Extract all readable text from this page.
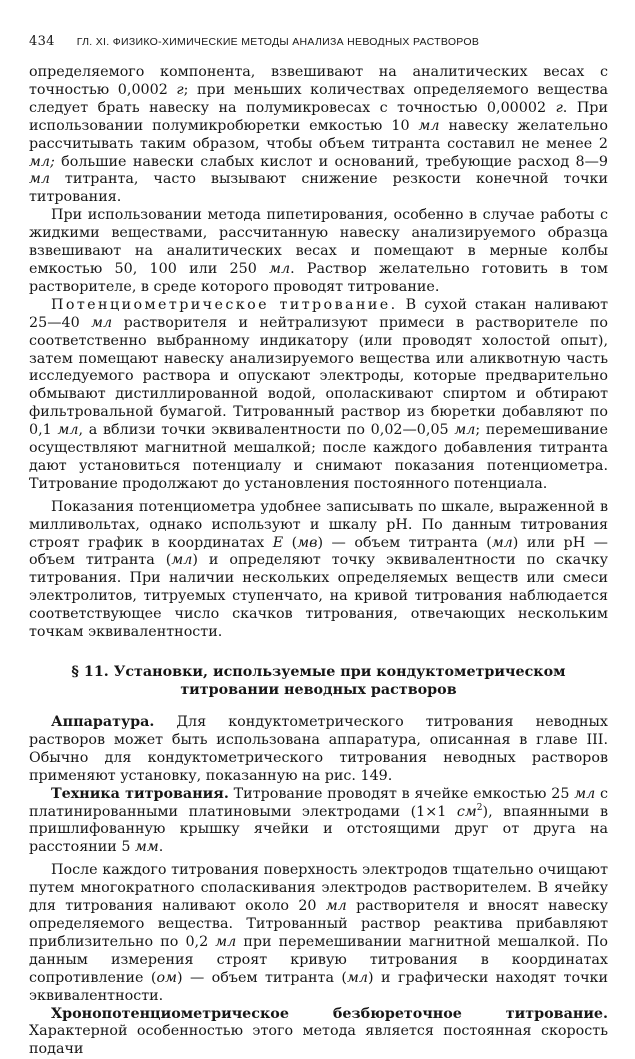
434 ГЛ. XI. ФИЗИКО-ХИМИЧЕСКИЕ МЕТОДЫ АНАЛИЗА НЕВОДНЫХ РАСТВОРОВ

определяемого компонента, взвешивают на аналитических весах с точностью 0,0002 г; при меньших количествах определяемого вещества следует брать навеску на полумикровесах с точностью 0,00002 г. При использовании полумикробюретки емкостью 10 мл навеску желательно рассчитывать таким образом, чтобы объем титранта составил не менее 2 мл; большие навески слабых кислот и оснований, требующие расход 8—9 мл титранта, часто вызывают снижение резкости конечной точки титрования.

При использовании метода пипетирования, особенно в случае работы с жидкими веществами, рассчитанную навеску анализируемого образца взвешивают на аналитических весах и помещают в мерные колбы емкостью 50, 100 или 250 мл. Раствор желательно готовить в том растворителе, в среде которого проводят титрование.

Потенциометрическое титрование. В сухой стакан наливают 25—40 мл растворителя и нейтрализуют примеси в растворителе по соответственно выбранному индикатору (или проводят холостой опыт), затем помещают навеску анализируемого вещества или аликвотную часть исследуемого раствора и опускают электроды, которые предварительно обмывают дистиллированной водой, ополаскивают спиртом и обтирают фильтровальной бумагой. Титрованный раствор из бюретки добавляют по 0,1 мл, а вблизи точки эквивалентности по 0,02—0,05 мл; перемешивание осуществляют магнитной мешалкой; после каждого добавления титранта дают установиться потенциалу и снимают показания потенциометра. Титрование продолжают до установления постоянного потенциала.

Показания потенциометра удобнее записывать по шкале, выраженной в милливольтах, однако используют и шкалу pH. По данным титрования строят график в координатах E (мв) — объем титранта (мл) или pH — объем титранта (мл) и определяют точку эквивалентности по скачку титрования. При наличии нескольких определяемых веществ или смеси электролитов, титруемых ступенчато, на кривой титрования наблюдается соответствующее число скачков титрования, отвечающих нескольким точкам эквивалентности.

§ 11. Установки, используемые при кондуктометрическом
титровании неводных растворов

Аппаратура. Для кондуктометрического титрования неводных растворов может быть использована аппаратура, описанная в главе III. Обычно для кондуктометрического титрования неводных растворов применяют установку, показанную на рис. 149.

Техника титрования. Титрование проводят в ячейке емкостью 25 мл с платинированными платиновыми электродами (1×1 $см^2$), впаянными в пришлифованную крышку ячейки и отстоящими друг от друга на расстоянии 5 мм.

После каждого титрования поверхность электродов тщательно очищают путем многократного споласкивания электродов растворителем. В ячейку для титрования наливают около 20 мл растворителя и вносят навеску определяемого вещества. Титрованный раствор реактива прибавляют приблизительно по 0,2 мл при перемешивании магнитной мешалкой. По данным измерения строят кривую титрования в координатах сопротивление (ом) — объем титранта (мл) и графически находят точки эквивалентности.

Хронопотенциометрическое безбюреточное титрование. Характерной особенностью этого метода является постоянная скорость подачи
